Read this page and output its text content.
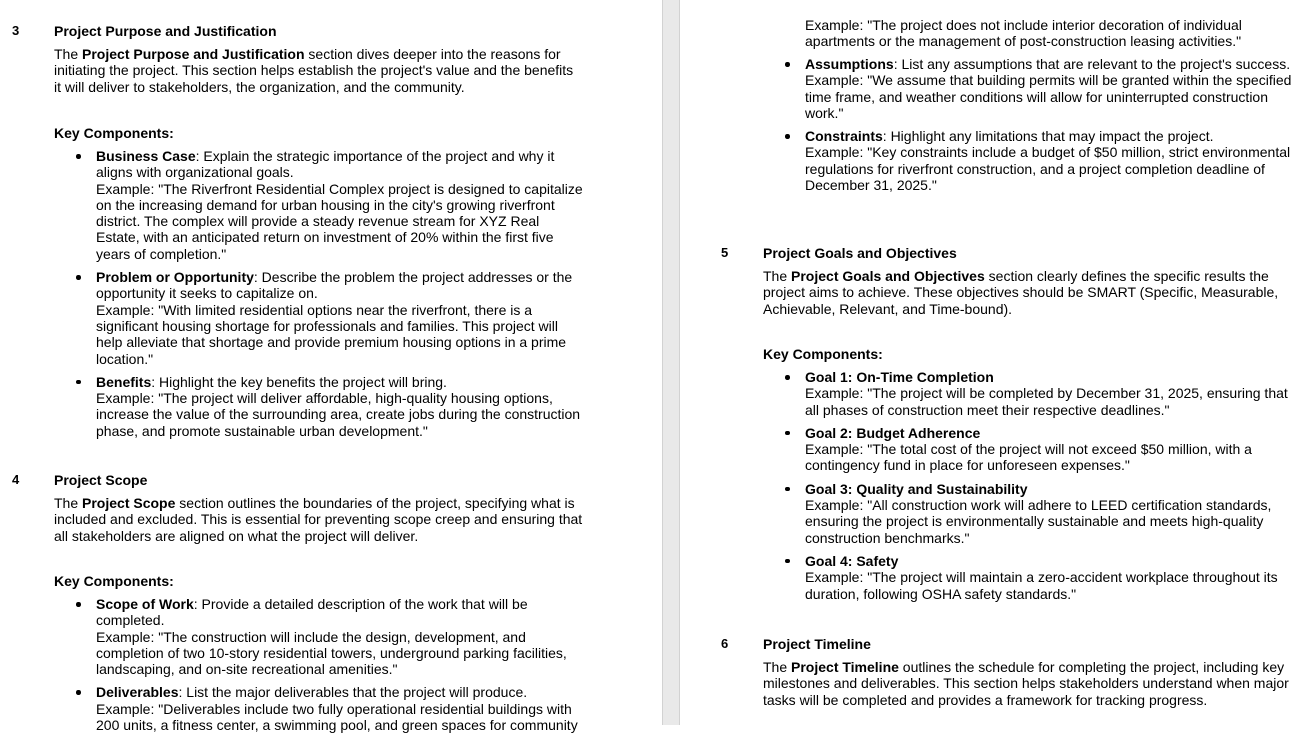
3 Project Purpose and Justification

The Project Purpose and Justification section dives deeper into the reasons for initiating the project. This section helps establish the project's value and the benefits it will deliver to stakeholders, the organization, and the community.

Key Components:
Business Case: Explain the strategic importance of the project and why it aligns with organizational goals.
Example: "The Riverfront Residential Complex project is designed to capitalize on the increasing demand for urban housing in the city's growing riverfront district. The complex will provide a steady revenue stream for XYZ Real Estate, with an anticipated return on investment of 20% within the first five years of completion."
Problem or Opportunity: Describe the problem the project addresses or the opportunity it seeks to capitalize on.
Example: "With limited residential options near the riverfront, there is a significant housing shortage for professionals and families. This project will help alleviate that shortage and provide premium housing options in a prime location."
Benefits: Highlight the key benefits the project will bring.
Example: "The project will deliver affordable, high-quality housing options, increase the value of the surrounding area, create jobs during the construction phase, and promote sustainable urban development."
4 Project Scope

The Project Scope section outlines the boundaries of the project, specifying what is included and excluded. This is essential for preventing scope creep and ensuring that all stakeholders are aligned on what the project will deliver.

Key Components:
Scope of Work: Provide a detailed description of the work that will be completed.
Example: "The construction will include the design, development, and completion of two 10-story residential towers, underground parking facilities, landscaping, and on-site recreational amenities."
Deliverables: List the major deliverables that the project will produce.
Example: "Deliverables include two fully operational residential buildings with 200 units, a fitness center, a swimming pool, and green spaces for community

Example: "The project does not include interior decoration of individual apartments or the management of post-construction leasing activities."

Assumptions: List any assumptions that are relevant to the project's success.
Example: "We assume that building permits will be granted within the specified time frame, and weather conditions will allow for uninterrupted construction work."
Constraints: Highlight any limitations that may impact the project.
Example: "Key constraints include a budget of $50 million, strict environmental regulations for riverfront construction, and a project completion deadline of December 31, 2025."
5 Project Goals and Objectives

The Project Goals and Objectives section clearly defines the specific results the project aims to achieve. These objectives should be SMART (Specific, Measurable, Achievable, Relevant, and Time-bound).

Key Components:
Goal 1: On-Time Completion
Example: "The project will be completed by December 31, 2025, ensuring that all phases of construction meet their respective deadlines."
Goal 2: Budget Adherence
Example: "The total cost of the project will not exceed $50 million, with a contingency fund in place for unforeseen expenses."
Goal 3: Quality and Sustainability
Example: "All construction work will adhere to LEED certification standards, ensuring the project is environmentally sustainable and meets high-quality construction benchmarks."
Goal 4: Safety
Example: "The project will maintain a zero-accident workplace throughout its duration, following OSHA safety standards."
6 Project Timeline

The Project Timeline outlines the schedule for completing the project, including key milestones and deliverables. This section helps stakeholders understand when major tasks will be completed and provides a framework for tracking progress.
